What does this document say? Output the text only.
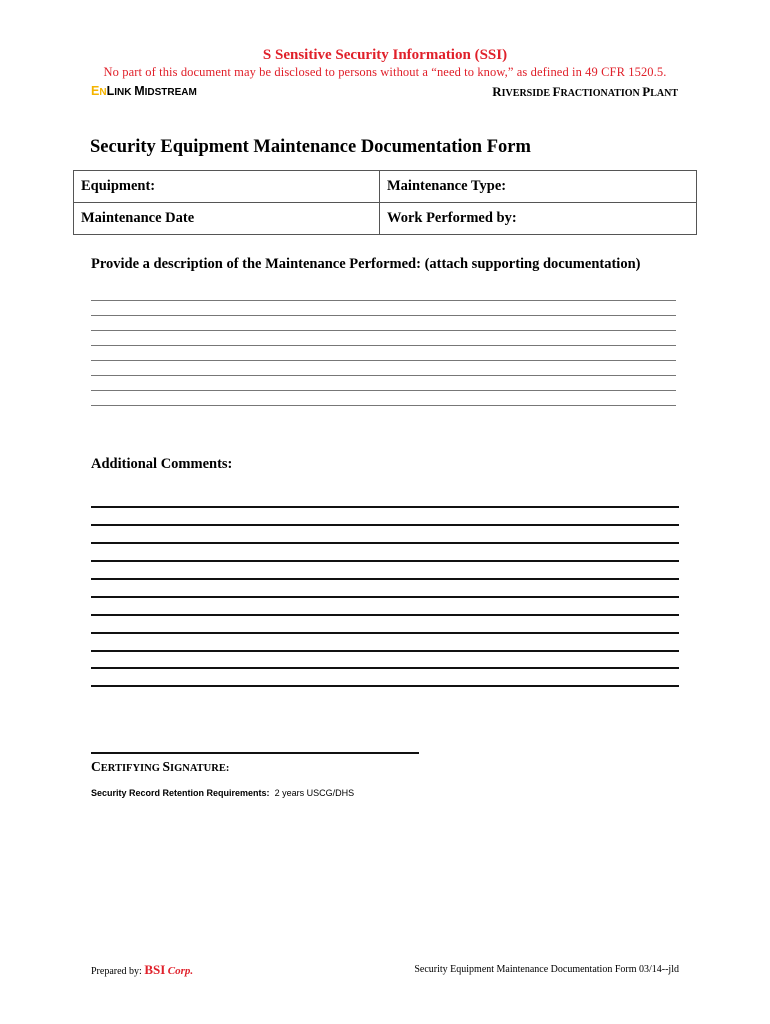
S Sensitive Security Information (SSI)
No part of this document may be disclosed to persons without a “need to know,” as defined in 49 CFR 1520.5.
ENLINK MIDSTREAM	RIVERSIDE FRACTIONATION PLANT
Security Equipment Maintenance Documentation Form
Equipment:	Maintenance Type:
Maintenance Date	Work Performed by:
Provide a description of the Maintenance Performed: (attach supporting documentation)
Additional Comments:
CERTIFYING SIGNATURE:
Security Record Retention Requirements: 2 years USCG/DHS
Prepared by: BSI Corp.	Security Equipment Maintenance Documentation Form 03/14--jld
